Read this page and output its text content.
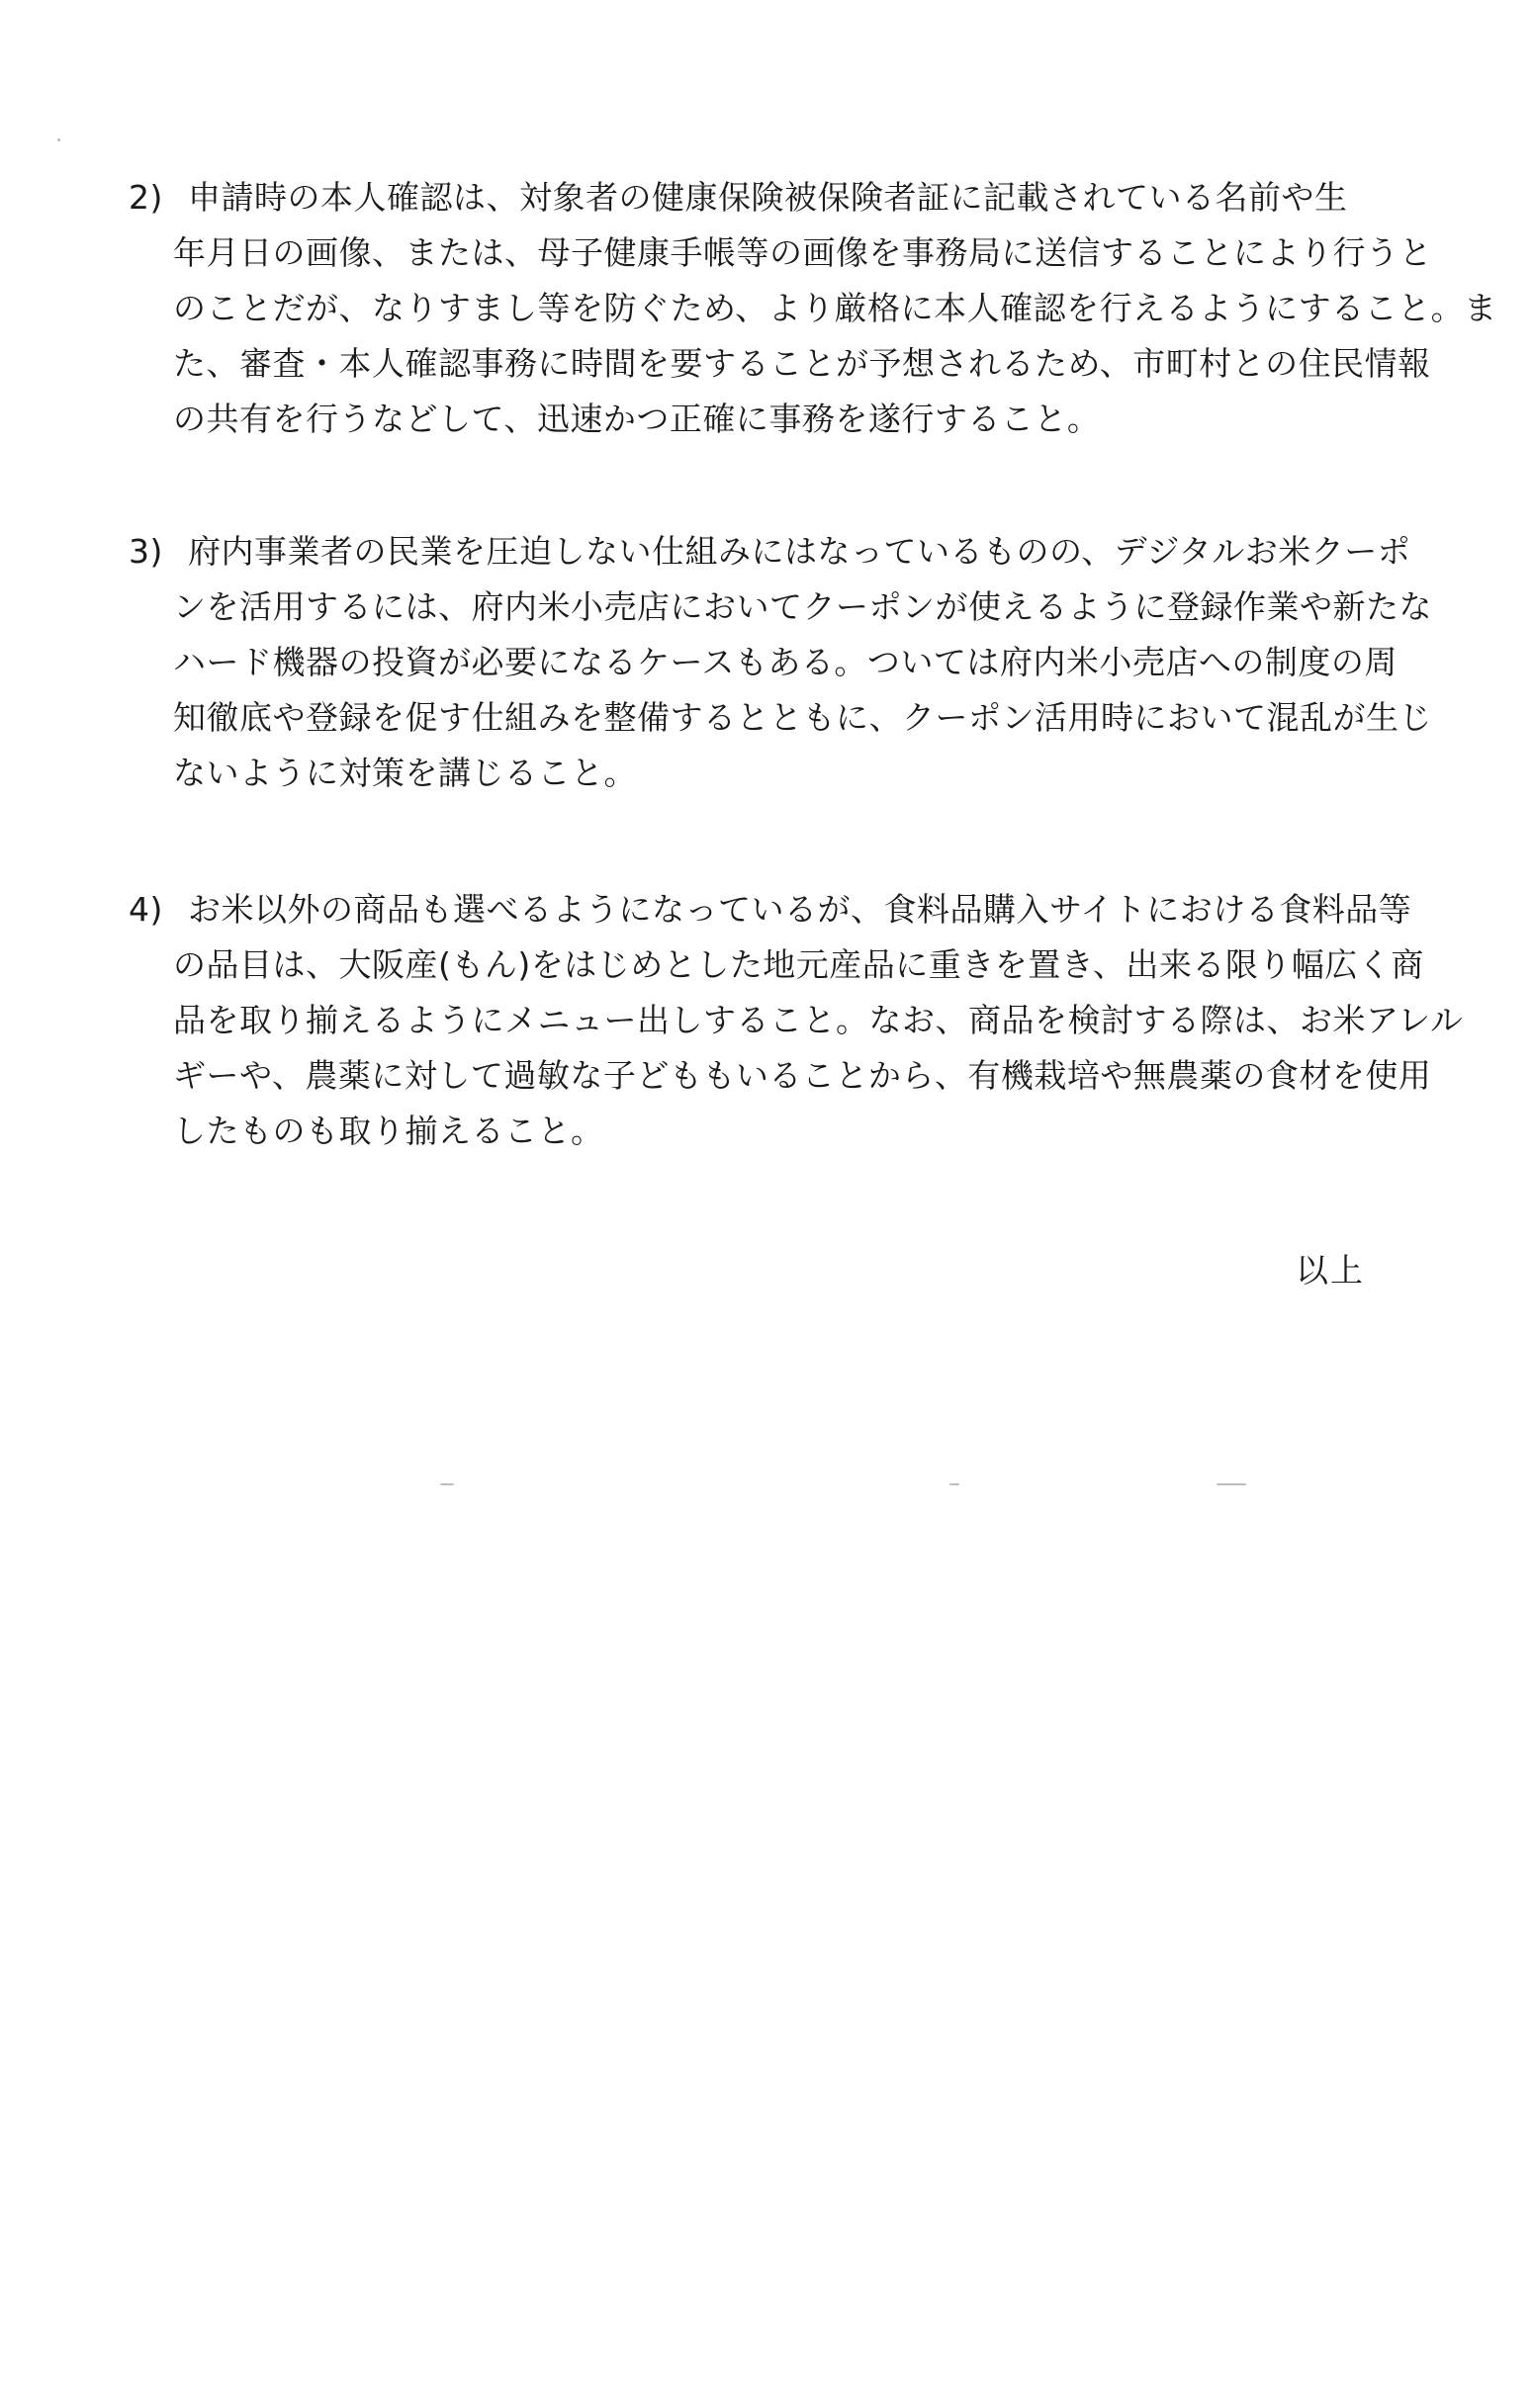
2) 申請時の本人確認は、対象者の健康保険被保険者証に記載されている名前や生
年月日の画像、または、母子健康手帳等の画像を事務局に送信することにより行うと
のことだが、なりすまし等を防ぐため、より厳格に本人確認を行えるようにすること。ま
た、審査・本人確認事務に時間を要することが予想されるため、市町村との住民情報
の共有を行うなどして、迅速かつ正確に事務を遂行すること。
3) 府内事業者の民業を圧迫しない仕組みにはなっているものの、デジタルお米クーポ
ンを活用するには、府内米小売店においてクーポンが使えるように登録作業や新たな
ハード機器の投資が必要になるケースもある。ついては府内米小売店への制度の周
知徹底や登録を促す仕組みを整備するとともに、クーポン活用時において混乱が生じ
ないように対策を講じること。
4) お米以外の商品も選べるようになっているが、食料品購入サイトにおける食料品等
の品目は、大阪産(もん)をはじめとした地元産品に重きを置き、出来る限り幅広く商
品を取り揃えるようにメニュー出しすること。なお、商品を検討する際は、お米アレル
ギーや、農薬に対して過敏な子どももいることから、有機栽培や無農薬の食材を使用
したものも取り揃えること。
以上
